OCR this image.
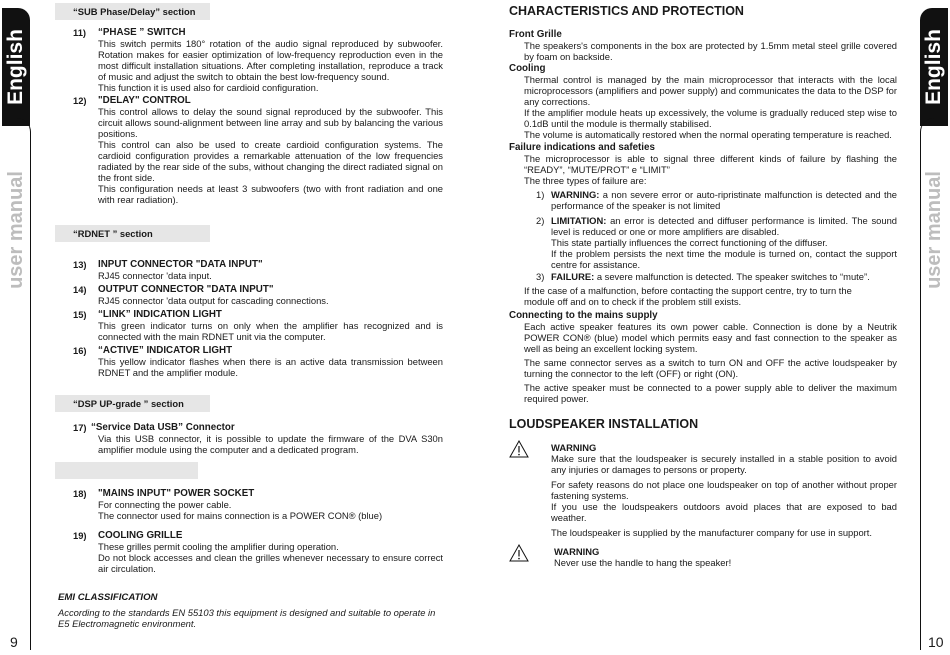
English
user manual
9
English
user manual
10
“SUB Phase/Delay” section
11) “PHASE ” SWITCH

This switch permits 180° rotation of the audio signal reproduced by subwoofer. Rotation makes for easier optimization of low-frequency reproduction even in the most difficult installation situations. After completing installation, reproduce a track of music and adjust the switch to obtain the best low-frequency sound.

This function it is used also for cardioid configuration.

12) "DELAY" CONTROL

This control allows to delay the sound signal reproduced by the subwoofer. This circuit allows sound-alignment between line array and sub by balancing the various positions.

This control can also be used to create cardioid configuration systems. The cardioid configuration provides a remarkable attenuation of the low frequencies radiated by the rear side of the subs, without changing the direct radiated signal on the front side.

This configuration needs at least 3 subwoofers (two with front radiation and one with rear radiation).

“RDNET ” section
13) INPUT CONNECTOR "DATA INPUT"

RJ45 connector 'data input.

14) OUTPUT CONNECTOR "DATA INPUT"

RJ45 connector 'data output for cascading connections.

15) “LINK” INDICATION LIGHT

This green indicator turns on only when the amplifier has recognized and is connected with the main RDNET unit via the computer.

16) “ACTIVE” INDICATOR LIGHT

This yellow indicator flashes when there is an active data transmission between RDNET and the amplifier module.

“DSP UP-grade ” section
17) “Service Data USB” Connector

Via this USB connector, it is possible to update the firmware of the DVA S30n amplifier module using the computer and a dedicated program.

18) "MAINS INPUT" POWER SOCKET

For connecting the power cable.

The connector used for mains connection is a POWER CON® (blue)

19) COOLING GRILLE

These grilles permit cooling the amplifier during operation.

Do not block accesses and clean the grilles whenever necessary to ensure correct air circulation.

EMI CLASSIFICATION
According to the standards EN 55103 this equipment is designed and suitable to operate in E5 Electromagnetic environment.
CHARACTERISTICS AND PROTECTION
Front Grille

The speakers's components in the box are protected by 1.5mm metal steel grille covered by foam on backside.

Cooling

Thermal control is managed by the main microprocessor that interacts with the local microprocessors (amplifiers and power supply) and communicates the data to the DSP for any corrections.

If the amplifier module heats up excessively, the volume is gradually reduced step wise to 0.1dB until the module is thermally stabilised.

The volume is automatically restored when the normal operating temperature is reached.

Failure indications and safeties

The microprocessor is able to signal three different kinds of failure by flashing the “READY”, “MUTE/PROT” e “LIMIT”

The three types of failure are:

1) WARNING: a non severe error or auto-ripristinate malfunction is detected and the performance of the speaker is not limited
2) LIMITATION: an error is detected and diffuser performance is limited. The sound level is reduced or one or more amplifiers are disabled.
This state partially influences the correct functioning of the diffuser.
If the problem persists the next time the module is turned on, contact the support centre for assistance.
3) FAILURE: a severe malfunction is detected. The speaker switches to “mute”.

If the case of a malfunction, before contacting the support centre, try to turn the module off and on to check if the problem still exists.

Connecting to the mains supply

Each active speaker features its own power cable. Connection is done by a Neutrik POWER CON® (blue) model which permits easy and fast connection to the speaker as well as being an excellent locking system.

The same connector serves as a switch to turn ON and OFF the active loudspeaker by turning the connector to the left (OFF) or right (ON).

The active speaker must be connected to a power supply able to deliver the maximum required power.

LOUDSPEAKER INSTALLATION
WARNING

Make sure that the loudspeaker is securely installed in a stable position to avoid any injuries or damages to persons or property.

For safety reasons do not place one loudspeaker on top of another without proper fastening systems.

If you use the loudspeakers outdoors avoid places that are exposed to bad weather.

The loudspeaker is supplied by the manufacturer company for use in support.

WARNING

Never use the handle to hang the speaker!
